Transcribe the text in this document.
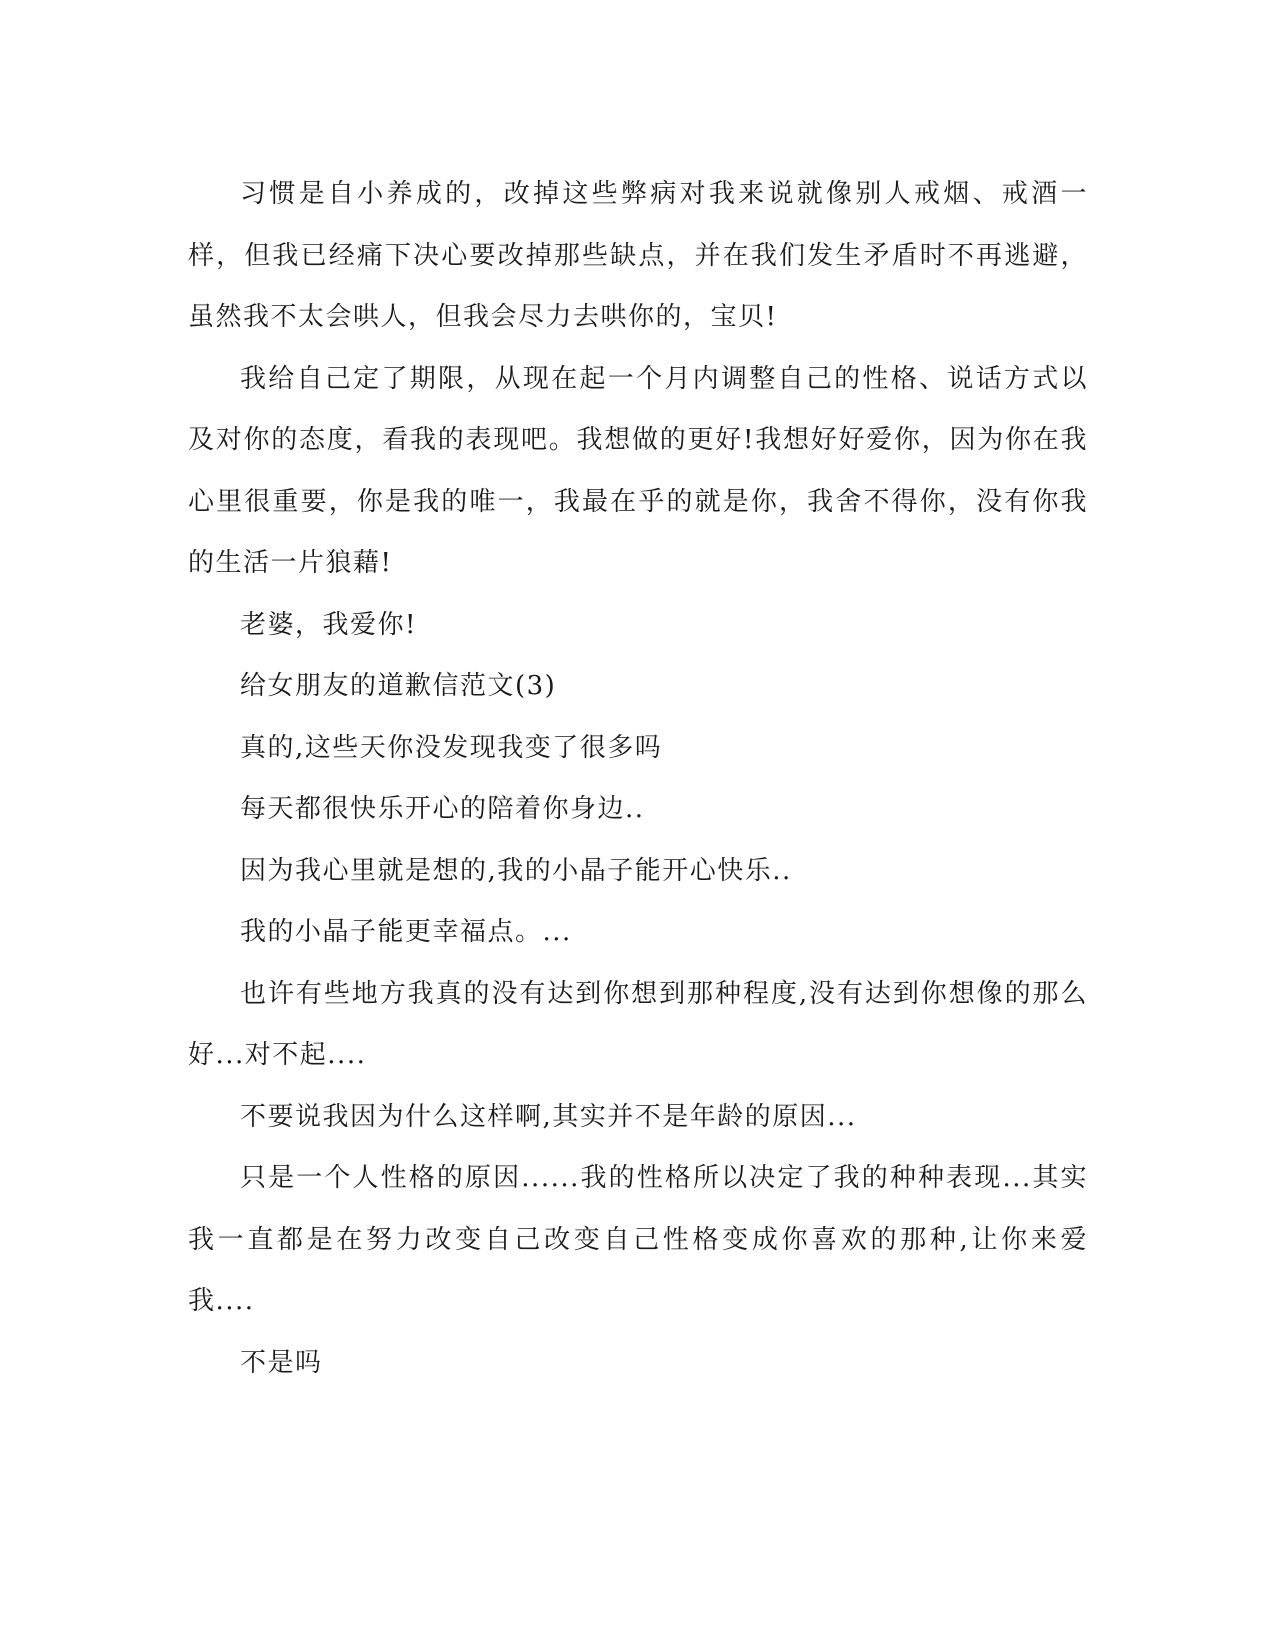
习惯是自小养成的，改掉这些弊病对我来说就像别人戒烟、戒酒一样，但我已经痛下决心要改掉那些缺点，并在我们发生矛盾时不再逃避，虽然我不太会哄人，但我会尽力去哄你的，宝贝!

我给自己定了期限，从现在起一个月内调整自己的性格、说话方式以及对你的态度，看我的表现吧。我想做的更好!我想好好爱你，因为你在我心里很重要，你是我的唯一，我最在乎的就是你，我舍不得你，没有你我的生活一片狼藉!

老婆，我爱你!

给女朋友的道歉信范文(3)

真的,这些天你没发现我变了很多吗

每天都很快乐开心的陪着你身边..

因为我心里就是想的,我的小晶子能开心快乐..

我的小晶子能更幸福点。...

也许有些地方我真的没有达到你想到那种程度,没有达到你想像的那么好...对不起....

不要说我因为什么这样啊,其实并不是年龄的原因...

只是一个人性格的原因......我的性格所以决定了我的种种表现...其实我一直都是在努力改变自己改变自己性格变成你喜欢的那种,让你来爱我....

不是吗
